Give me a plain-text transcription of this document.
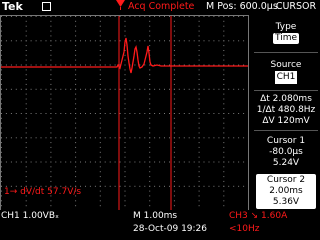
Tek	Acq Complete M Pos: 600.0µs
CURSOR
1→ dV/dt 57.7V/s
Type
Time
Source
CH1
Δt 2.080ms
1/Δt 480.8Hz
ΔV 120mV
Cursor 1
-80.0µs
5.24V
Cursor 2
2.00ms
5.36V
CH1 1.00VBₓ	M 1.00ms	CH3 ↘ 1.60A
28-Oct-09 19:26 <10Hz
